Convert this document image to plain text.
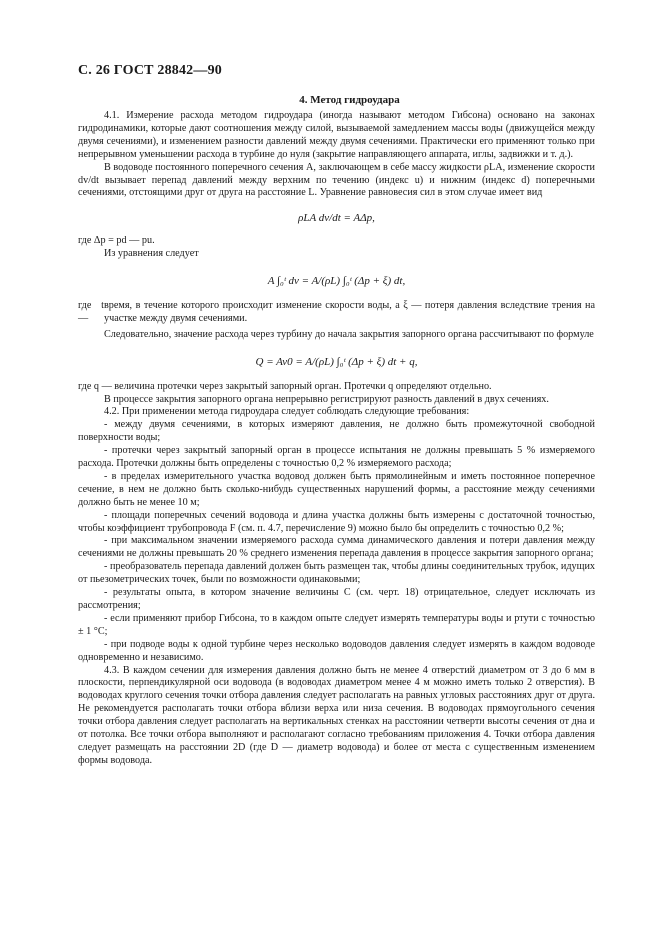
С. 26 ГОСТ 28842—90
4. Метод гидроудара

4.1. Измерение расхода методом гидроудара (иногда называют методом Гибсона) основано на законах гидродинамики, которые дают соотношения между силой, вызываемой замедлением массы воды (движущейся между двумя сечениями), и изменением разности давлений между двумя сечениями. Практически его применяют только при непрерывном уменьшении расхода в турбине до нуля (закрытие направляющего аппарата, иглы, задвижки и т. д.).

В водоводе постоянного поперечного сечения A, заключающем в себе массу жидкости ρLA, изменение скорости dv/dt вызывает перепад давлений между верхним по течению (индекс u) и нижним (индекс d) поперечными сечениями, отстоящими друг от друга на расстояние L. Уравнение равновесия сил в этом случае имеет вид

ρLA dv/dt = AΔp,

где Δp = pd — pu.

Из уравнения следует

A ∫₀ᵗ dv = A/(ρL) ∫₀ᵗ (Δp + ξ) dt,
где t —
время, в течение которого происходит изменение скорости воды, а ξ — потеря давления вследствие трения на участке между двумя сечениями.

Следовательно, значение расхода через турбину до начала закрытия запорного органа рассчитывают по формуле

Q = Av0 = A/(ρL) ∫₀ᵗ (Δp + ξ) dt + q,

где q — величина протечки через закрытый запорный орган. Протечки q определяют отдельно.

В процессе закрытия запорного органа непрерывно регистрируют разность давлений в двух сечениях.

4.2. При применении метода гидроудара следует соблюдать следующие требования:

- между двумя сечениями, в которых измеряют давления, не должно быть промежуточной свободной поверхности воды;

- протечки через закрытый запорный орган в процессе испытания не должны превышать 5 % измеряемого расхода. Протечки должны быть определены с точностью 0,2 % измеряемого расхода;

- в пределах измерительного участка водовод должен быть прямолинейным и иметь постоянное поперечное сечение, в нем не должно быть сколько-нибудь существенных нарушений формы, а расстояние между сечениями должно быть не менее 10 м;

- площади поперечных сечений водовода и длина участка должны быть измерены с достаточной точностью, чтобы коэффициент трубопровода F (см. п. 4.7, перечисление 9) можно было бы определить с точностью 0,2 %;

- при максимальном значении измеряемого расхода сумма динамического давления и потери давления между сечениями не должны превышать 20 % среднего изменения перепада давления в процессе закрытия запорного органа;

- преобразователь перепада давлений должен быть размещен так, чтобы длины соединительных трубок, идущих от пьезометрических точек, были по возможности одинаковыми;

- результаты опыта, в котором значение величины C (см. черт. 18) отрицательное, следует исключать из рассмотрения;

- если применяют прибор Гибсона, то в каждом опыте следует измерять температуры воды и ртути с точностью ± 1 °C;

- при подводе воды к одной турбине через несколько водоводов давления следует измерять в каждом водоводе одновременно и независимо.

4.3. В каждом сечении для измерения давления должно быть не менее 4 отверстий диаметром от 3 до 6 мм в плоскости, перпендикулярной оси водовода (в водоводах диаметром менее 4 м можно иметь только 2 отверстия). В водоводах круглого сечения точки отбора давления следует располагать на равных угловых расстояниях друг от друга. Не рекомендуется располагать точки отбора вблизи верха или низа сечения. В водоводах прямоугольного сечения точки отбора давления следует располагать на вертикальных стенках на расстоянии четверти высоты сечения от дна и от потолка. Все точки отбора выполняют и располагают согласно требованиям приложения 4. Точки отбора давления следует размещать на расстоянии 2D (где D — диаметр водовода) и более от места с существенным изменением формы водовода.
